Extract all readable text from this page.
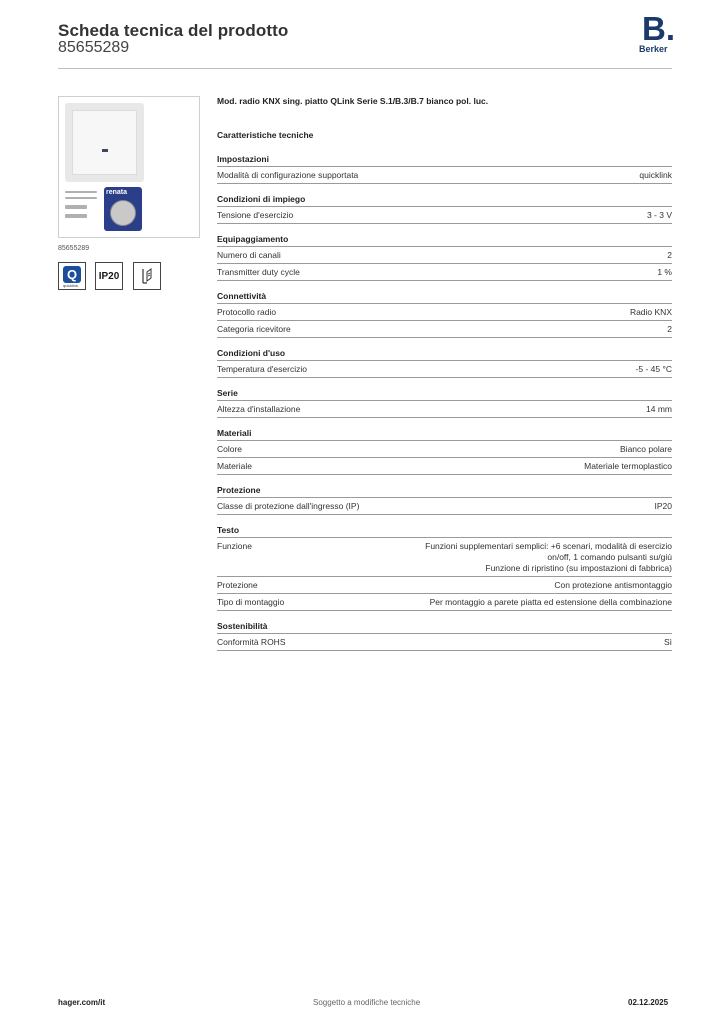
Scheda tecnica del prodotto
85655289
B.
Berker
renata
85655289
Q
quicklink
IP20
Mod. radio KNX sing. piatto QLink Serie S.1/B.3/B.7 bianco pol. luc.
Caratteristiche tecniche
Impostazioni
Modalità di configurazione supportata	quicklink
Condizioni di impiego
Tensione d'esercizio	3 - 3 V
Equipaggiamento
Numero di canali	2
Transmitter duty cycle	1 %
Connettività
Protocollo radio	Radio KNX
Categoria ricevitore	2
Condizioni d'uso
Temperatura d'esercizio	-5 - 45 °C
Serie
Altezza d'installazione	14 mm
Materiali
Colore	Bianco polare
Materiale	Materiale termoplastico
Protezione
Classe di protezione dall'ingresso (IP)	IP20
Testo
Funzione	Funzioni supplementari semplici: +6 scenari, modalità di esercizio
on/off, 1 comando pulsanti su/giù
Funzione di ripristino (su impostazioni di fabbrica)
Protezione	Con protezione antismontaggio
Tipo di montaggio	Per montaggio a parete piatta ed estensione della combinazione
Sostenibilità
Conformità ROHS	Sì
hager.com/it	Soggetto a modifiche tecniche	02.12.2025
